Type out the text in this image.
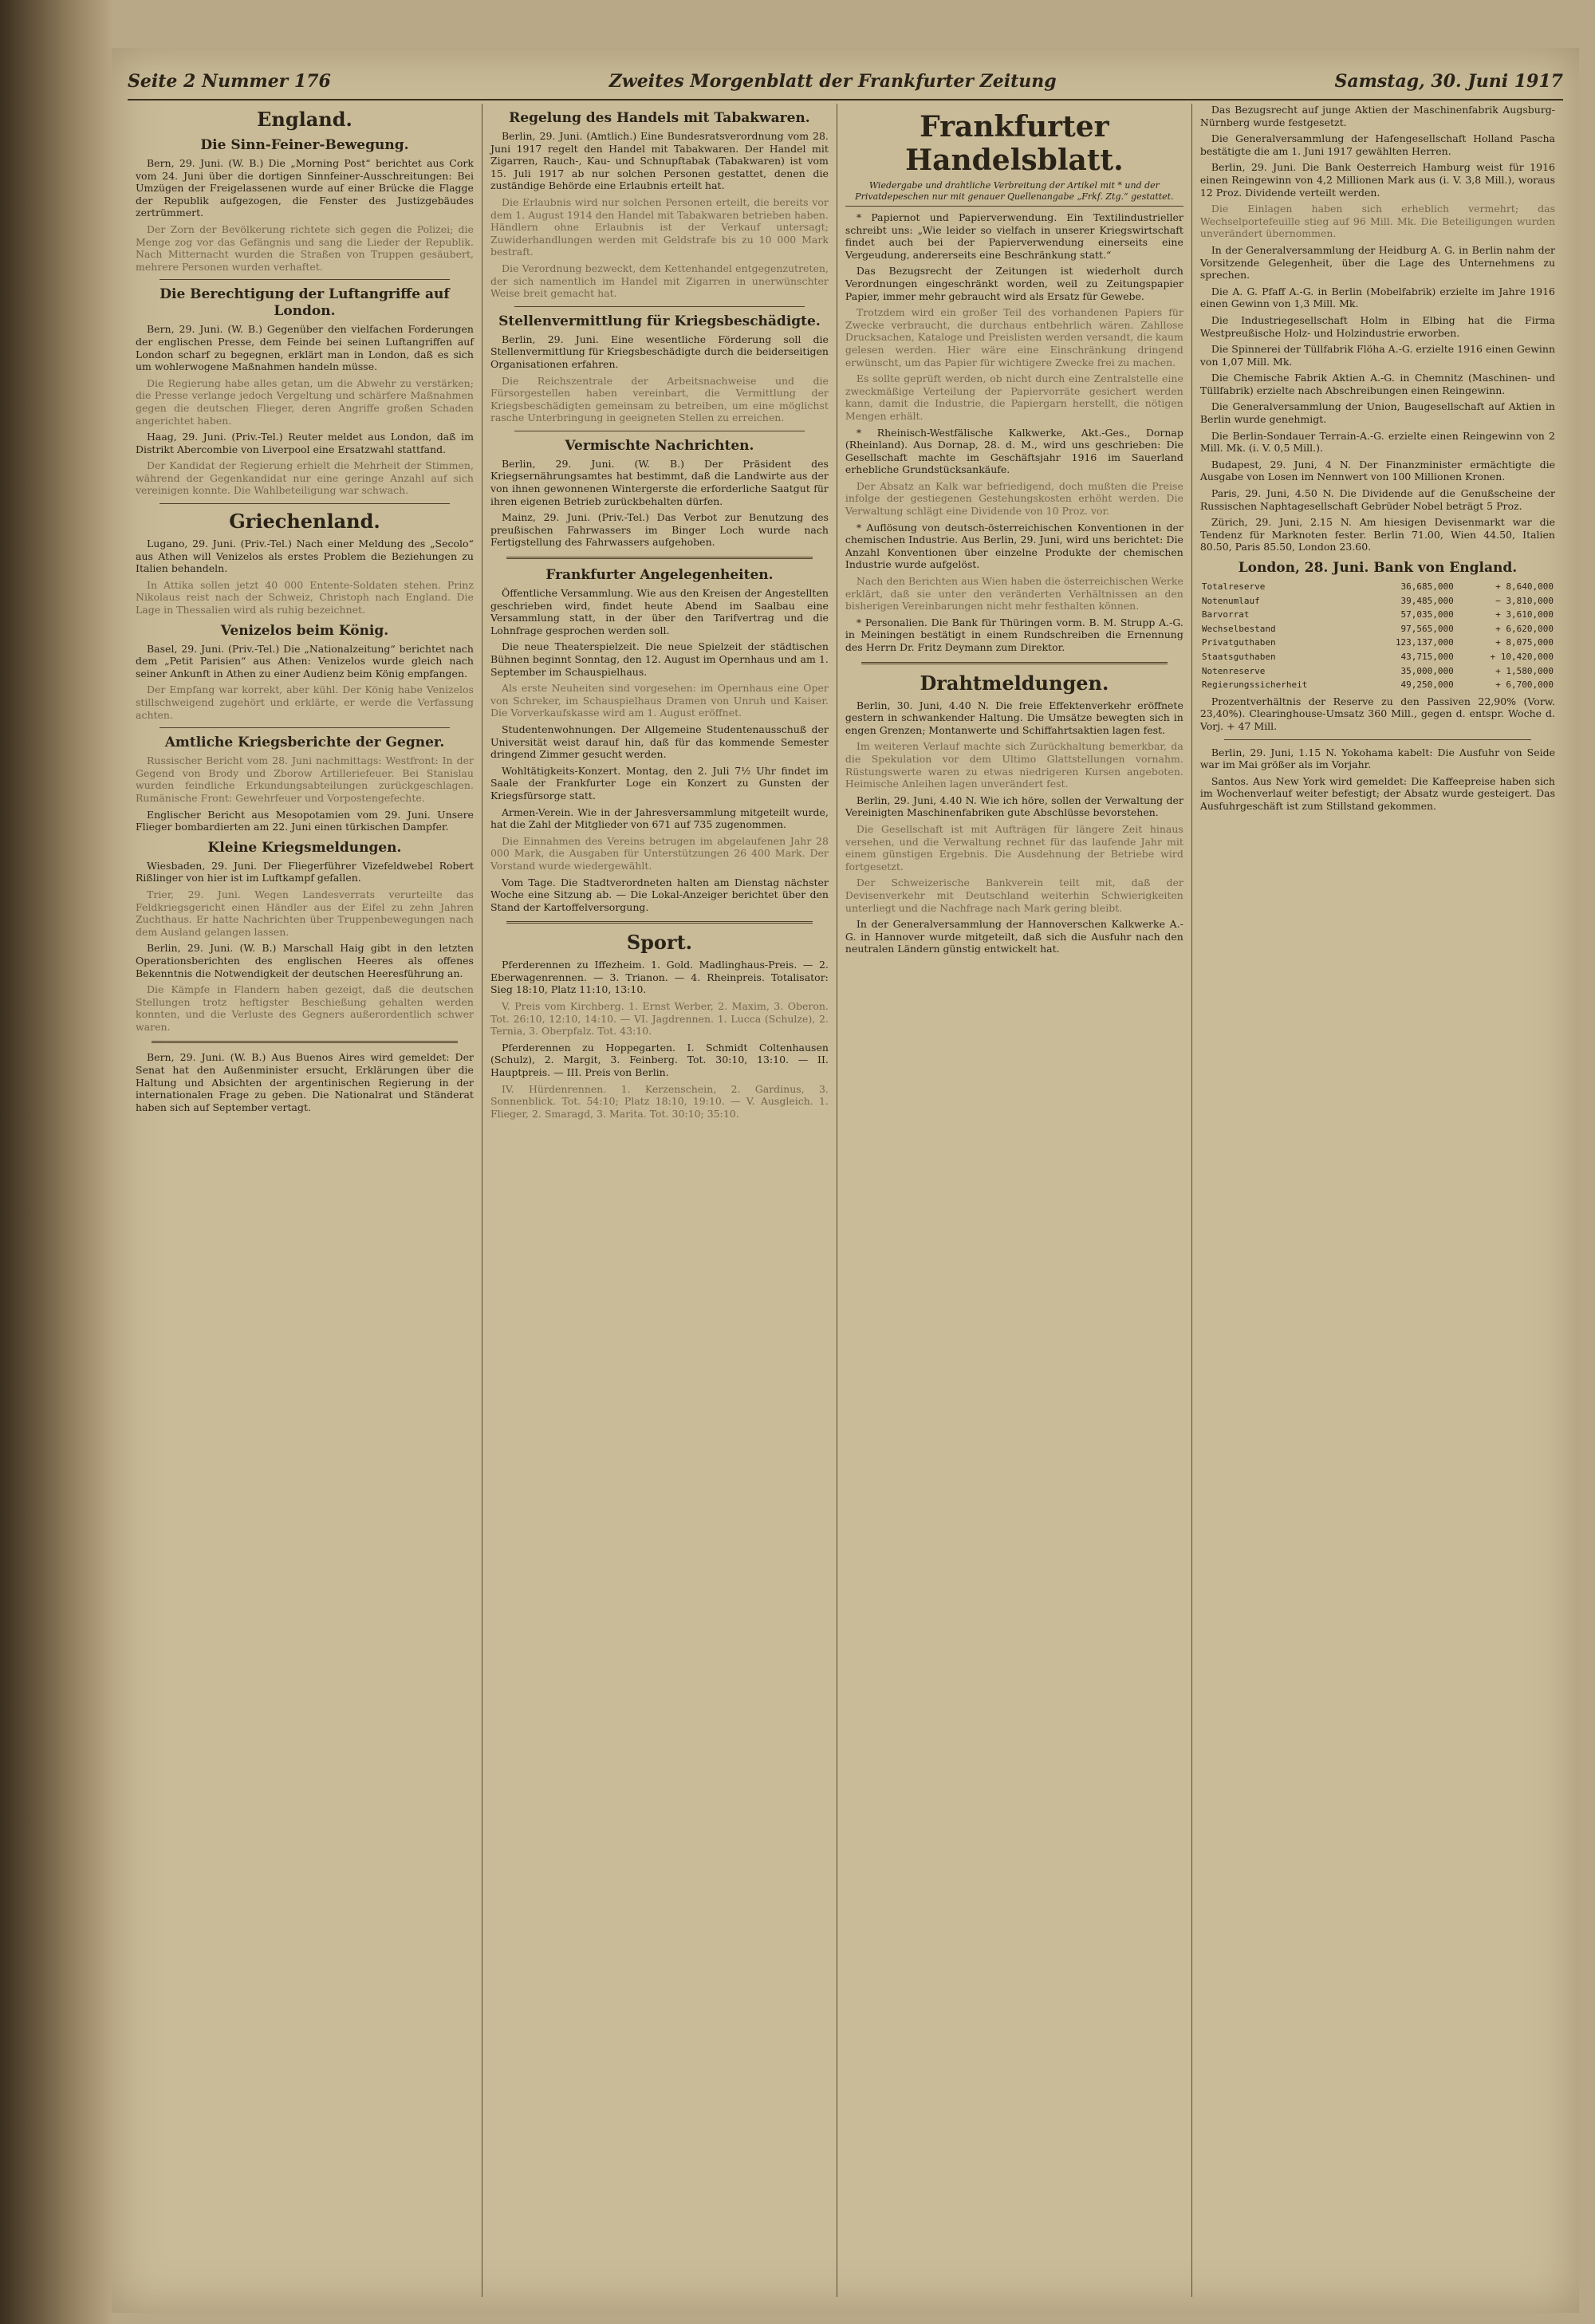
Seite 2 Nummer 176	Zweites Morgenblatt der Frankfurter Zeitung	Samstag, 30. Juni 1917
England.
Die Sinn-Feiner-Bewegung.

Bern, 29. Juni. (W. B.) Die „Morning Post“ berichtet aus Cork vom 24. Juni über die dortigen Sinnfeiner-Ausschreitungen: Bei Umzügen der Freigelassenen wurde auf einer Brücke die Flagge der Republik aufgezogen, die Fenster des Justizgebäudes zertrümmert.

Der Zorn der Bevölkerung richtete sich gegen die Polizei; die Menge zog vor das Gefängnis und sang die Lieder der Republik. Nach Mitternacht wurden die Straßen von Truppen gesäubert, mehrere Personen wurden verhaftet.

Die Berechtigung der Luftangriffe auf London.

Bern, 29. Juni. (W. B.) Gegenüber den vielfachen Forderungen der englischen Presse, dem Feinde bei seinen Luftangriffen auf London scharf zu begegnen, erklärt man in London, daß es sich um wohlerwogene Maßnahmen handeln müsse.

Die Regierung habe alles getan, um die Abwehr zu verstärken; die Presse verlange jedoch Vergeltung und schärfere Maßnahmen gegen die deutschen Flieger, deren Angriffe großen Schaden angerichtet haben.

Haag, 29. Juni. (Priv.-Tel.) Reuter meldet aus London, daß im Distrikt Abercombie von Liverpool eine Ersatzwahl stattfand.

Der Kandidat der Regierung erhielt die Mehrheit der Stimmen, während der Gegenkandidat nur eine geringe Anzahl auf sich vereinigen konnte. Die Wahlbeteiligung war schwach.

Griechenland.

Lugano, 29. Juni. (Priv.-Tel.) Nach einer Meldung des „Secolo“ aus Athen will Venizelos als erstes Problem die Beziehungen zu Italien behandeln.

In Attika sollen jetzt 40 000 Entente-Soldaten stehen. Prinz Nikolaus reist nach der Schweiz, Christoph nach England. Die Lage in Thessalien wird als ruhig bezeichnet.

Venizelos beim König.

Basel, 29. Juni. (Priv.-Tel.) Die „Nationalzeitung“ berichtet nach dem „Petit Parisien“ aus Athen: Venizelos wurde gleich nach seiner Ankunft in Athen zu einer Audienz beim König empfangen.

Der Empfang war korrekt, aber kühl. Der König habe Venizelos stillschweigend zugehört und erklärte, er werde die Verfassung achten.

Amtliche Kriegsberichte der Gegner.

Russischer Bericht vom 28. Juni nachmittags: Westfront: In der Gegend von Brody und Zborow Artilleriefeuer. Bei Stanislau wurden feindliche Erkundungsabteilungen zurückgeschlagen. Rumänische Front: Gewehrfeuer und Vorpostengefechte.

Englischer Bericht aus Mesopotamien vom 29. Juni. Unsere Flieger bombardierten am 22. Juni einen türkischen Dampfer.

Kleine Kriegsmeldungen.

Wiesbaden, 29. Juni. Der Fliegerführer Vizefeldwebel Robert Rißlinger von hier ist im Luftkampf gefallen.

Trier, 29. Juni. Wegen Landesverrats verurteilte das Feldkriegsgericht einen Händler aus der Eifel zu zehn Jahren Zuchthaus. Er hatte Nachrichten über Truppenbewegungen nach dem Ausland gelangen lassen.

Berlin, 29. Juni. (W. B.) Marschall Haig gibt in den letzten Operationsberichten des englischen Heeres als offenes Bekenntnis die Notwendigkeit der deutschen Heeresführung an.

Die Kämpfe in Flandern haben gezeigt, daß die deutschen Stellungen trotz heftigster Beschießung gehalten werden konnten, und die Verluste des Gegners außerordentlich schwer waren.

Bern, 29. Juni. (W. B.) Aus Buenos Aires wird gemeldet: Der Senat hat den Außenminister ersucht, Erklärungen über die Haltung und Absichten der argentinischen Regierung in der internationalen Frage zu geben. Die Nationalrat und Ständerat haben sich auf September vertagt.

Regelung des Handels mit Tabakwaren.

Berlin, 29. Juni. (Amtlich.) Eine Bundesratsverordnung vom 28. Juni 1917 regelt den Handel mit Tabakwaren. Der Handel mit Zigarren, Rauch-, Kau- und Schnupftabak (Tabakwaren) ist vom 15. Juli 1917 ab nur solchen Personen gestattet, denen die zuständige Behörde eine Erlaubnis erteilt hat.

Die Erlaubnis wird nur solchen Personen erteilt, die bereits vor dem 1. August 1914 den Handel mit Tabakwaren betrieben haben. Händlern ohne Erlaubnis ist der Verkauf untersagt; Zuwiderhandlungen werden mit Geldstrafe bis zu 10 000 Mark bestraft.

Die Verordnung bezweckt, dem Kettenhandel entgegenzutreten, der sich namentlich im Handel mit Zigarren in unerwünschter Weise breit gemacht hat.

Stellenvermittlung für Kriegsbeschädigte.

Berlin, 29. Juni. Eine wesentliche Förderung soll die Stellenvermittlung für Kriegsbeschädigte durch die beiderseitigen Organisationen erfahren.

Die Reichszentrale der Arbeitsnachweise und die Fürsorgestellen haben vereinbart, die Vermittlung der Kriegsbeschädigten gemeinsam zu betreiben, um eine möglichst rasche Unterbringung in geeigneten Stellen zu erreichen.

Vermischte Nachrichten.

Berlin, 29. Juni. (W. B.) Der Präsident des Kriegsernährungsamtes hat bestimmt, daß die Landwirte aus der von ihnen gewonnenen Wintergerste die erforderliche Saatgut für ihren eigenen Betrieb zurückbehalten dürfen.

Mainz, 29. Juni. (Priv.-Tel.) Das Verbot zur Benutzung des preußischen Fahrwassers im Binger Loch wurde nach Fertigstellung des Fahrwassers aufgehoben.

Frankfurter Angelegenheiten.

Öffentliche Versammlung. Wie aus den Kreisen der Angestellten geschrieben wird, findet heute Abend im Saalbau eine Versammlung statt, in der über den Tarifvertrag und die Lohnfrage gesprochen werden soll.

Die neue Theaterspielzeit. Die neue Spielzeit der städtischen Bühnen beginnt Sonntag, den 12. August im Opernhaus und am 1. September im Schauspielhaus.

Als erste Neuheiten sind vorgesehen: im Opernhaus eine Oper von Schreker, im Schauspielhaus Dramen von Unruh und Kaiser. Die Vorverkaufskasse wird am 1. August eröffnet.

Studentenwohnungen. Der Allgemeine Studentenausschuß der Universität weist darauf hin, daß für das kommende Semester dringend Zimmer gesucht werden.

Wohltätigkeits-Konzert. Montag, den 2. Juli 7½ Uhr findet im Saale der Frankfurter Loge ein Konzert zu Gunsten der Kriegsfürsorge statt.

Armen-Verein. Wie in der Jahresversammlung mitgeteilt wurde, hat die Zahl der Mitglieder von 671 auf 735 zugenommen.

Die Einnahmen des Vereins betrugen im abgelaufenen Jahr 28 000 Mark, die Ausgaben für Unterstützungen 26 400 Mark. Der Vorstand wurde wiedergewählt.

Vom Tage. Die Stadtverordneten halten am Dienstag nächster Woche eine Sitzung ab. — Die Lokal-Anzeiger berichtet über den Stand der Kartoffelversorgung.

Sport.

Pferderennen zu Iffezheim. 1. Gold. Madlinghaus-Preis. — 2. Eberwagenrennen. — 3. Trianon. — 4. Rheinpreis. Totalisator: Sieg 18:10, Platz 11:10, 13:10.

V. Preis vom Kirchberg. 1. Ernst Werber, 2. Maxim, 3. Oberon. Tot. 26:10, 12:10, 14:10. — VI. Jagdrennen. 1. Lucca (Schulze), 2. Ternia, 3. Oberpfalz. Tot. 43:10.

Pferderennen zu Hoppegarten. I. Schmidt Coltenhausen (Schulz), 2. Margit, 3. Feinberg. Tot. 30:10, 13:10. — II. Hauptpreis. — III. Preis von Berlin.

IV. Hürdenrennen. 1. Kerzenschein, 2. Gardinus, 3. Sonnenblick. Tot. 54:10; Platz 18:10, 19:10. — V. Ausgleich. 1. Flieger, 2. Smaragd, 3. Marita. Tot. 30:10; 35:10.

Frankfurter Handelsblatt.
Wiedergabe und drahtliche Verbreitung der Artikel mit * und der Privatdepeschen nur mit genauer Quellenangabe „Frkf. Ztg.“ gestattet.

* Papiernot und Papierverwendung. Ein Textilindustrieller schreibt uns: „Wie leider so vielfach in unserer Kriegswirtschaft findet auch bei der Papierverwendung einerseits eine Vergeudung, andererseits eine Beschränkung statt.“

Das Bezugsrecht der Zeitungen ist wiederholt durch Verordnungen eingeschränkt worden, weil zu Zeitungspapier Papier, immer mehr gebraucht wird als Ersatz für Gewebe.

Trotzdem wird ein großer Teil des vorhandenen Papiers für Zwecke verbraucht, die durchaus entbehrlich wären. Zahllose Drucksachen, Kataloge und Preislisten werden versandt, die kaum gelesen werden. Hier wäre eine Einschränkung dringend erwünscht, um das Papier für wichtigere Zwecke frei zu machen.

Es sollte geprüft werden, ob nicht durch eine Zentralstelle eine zweckmäßige Verteilung der Papiervorräte gesichert werden kann, damit die Industrie, die Papiergarn herstellt, die nötigen Mengen erhält.

* Rheinisch-Westfälische Kalkwerke, Akt.-Ges., Dornap (Rheinland). Aus Dornap, 28. d. M., wird uns geschrieben: Die Gesellschaft machte im Geschäftsjahr 1916 im Sauerland erhebliche Grundstücksankäufe.

Der Absatz an Kalk war befriedigend, doch mußten die Preise infolge der gestiegenen Gestehungskosten erhöht werden. Die Verwaltung schlägt eine Dividende von 10 Proz. vor.

* Auflösung von deutsch-österreichischen Konventionen in der chemischen Industrie. Aus Berlin, 29. Juni, wird uns berichtet: Die Anzahl Konventionen über einzelne Produkte der chemischen Industrie wurde aufgelöst.

Nach den Berichten aus Wien haben die österreichischen Werke erklärt, daß sie unter den veränderten Verhältnissen an den bisherigen Vereinbarungen nicht mehr festhalten können.

* Personalien. Die Bank für Thüringen vorm. B. M. Strupp A.-G. in Meiningen bestätigt in einem Rundschreiben die Ernennung des Herrn Dr. Fritz Deymann zum Direktor.

Drahtmeldungen.

Berlin, 30. Juni, 4.40 N. Die freie Effektenverkehr eröffnete gestern in schwankender Haltung. Die Umsätze bewegten sich in engen Grenzen; Montanwerte und Schiffahrtsaktien lagen fest.

Im weiteren Verlauf machte sich Zurückhaltung bemerkbar, da die Spekulation vor dem Ultimo Glattstellungen vornahm. Rüstungswerte waren zu etwas niedrigeren Kursen angeboten. Heimische Anleihen lagen unverändert fest.

Berlin, 29. Juni, 4.40 N. Wie ich höre, sollen der Verwaltung der Vereinigten Maschinenfabriken gute Abschlüsse bevorstehen.

Die Gesellschaft ist mit Aufträgen für längere Zeit hinaus versehen, und die Verwaltung rechnet für das laufende Jahr mit einem günstigen Ergebnis. Die Ausdehnung der Betriebe wird fortgesetzt.

Der Schweizerische Bankverein teilt mit, daß der Devisenverkehr mit Deutschland weiterhin Schwierigkeiten unterliegt und die Nachfrage nach Mark gering bleibt.

In der Generalversammlung der Hannoverschen Kalkwerke A.-G. in Hannover wurde mitgeteilt, daß sich die Ausfuhr nach den neutralen Ländern günstig entwickelt hat.

Das Bezugsrecht auf junge Aktien der Maschinenfabrik Augsburg-Nürnberg wurde festgesetzt.

Die Generalversammlung der Hafengesellschaft Holland Pascha bestätigte die am 1. Juni 1917 gewählten Herren.

Berlin, 29. Juni. Die Bank Oesterreich Hamburg weist für 1916 einen Reingewinn von 4,2 Millionen Mark aus (i. V. 3,8 Mill.), woraus 12 Proz. Dividende verteilt werden.

Die Einlagen haben sich erheblich vermehrt; das Wechselportefeuille stieg auf 96 Mill. Mk. Die Beteiligungen wurden unverändert übernommen.

In der Generalversammlung der Heidburg A. G. in Berlin nahm der Vorsitzende Gelegenheit, über die Lage des Unternehmens zu sprechen.

Die A. G. Pfaff A.-G. in Berlin (Mobelfabrik) erzielte im Jahre 1916 einen Gewinn von 1,3 Mill. Mk.

Die Industriegesellschaft Holm in Elbing hat die Firma Westpreußische Holz- und Holzindustrie erworben.

Die Spinnerei der Tüllfabrik Flöha A.-G. erzielte 1916 einen Gewinn von 1,07 Mill. Mk.

Die Chemische Fabrik Aktien A.-G. in Chemnitz (Maschinen- und Tüllfabrik) erzielte nach Abschreibungen einen Reingewinn.

Die Generalversammlung der Union, Baugesellschaft auf Aktien in Berlin wurde genehmigt.

Die Berlin-Sondauer Terrain-A.-G. erzielte einen Reingewinn von 2 Mill. Mk. (i. V. 0,5 Mill.).

Budapest, 29. Juni, 4 N. Der Finanzminister ermächtigte die Ausgabe von Losen im Nennwert von 100 Millionen Kronen.

Paris, 29. Juni, 4.50 N. Die Dividende auf die Genußscheine der Russischen Naphtagesellschaft Gebrüder Nobel beträgt 5 Proz.

Zürich, 29. Juni, 2.15 N. Am hiesigen Devisenmarkt war die Tendenz für Marknoten fester. Berlin 71.00, Wien 44.50, Italien 80.50, Paris 85.50, London 23.60.

London, 28. Juni. Bank von England.
Totalreserve	36,685,000	+ 8,640,000
Notenumlauf	39,485,000	− 3,810,000
Barvorrat	57,035,000	+ 3,610,000
Wechselbestand	97,565,000	+ 6,620,000
Privatguthaben	123,137,000	+ 8,075,000
Staatsguthaben	43,715,000	+ 10,420,000
Notenreserve	35,000,000	+ 1,580,000
Regierungssicherheit	49,250,000	+ 6,700,000

Prozentverhältnis der Reserve zu den Passiven 22,90% (Vorw. 23,40%). Clearinghouse-Umsatz 360 Mill., gegen d. entspr. Woche d. Vorj. + 47 Mill.

Berlin, 29. Juni, 1.15 N. Yokohama kabelt: Die Ausfuhr von Seide war im Mai größer als im Vorjahr.

Santos. Aus New York wird gemeldet: Die Kaffeepreise haben sich im Wochenverlauf weiter befestigt; der Absatz wurde gesteigert. Das Ausfuhrgeschäft ist zum Stillstand gekommen.
